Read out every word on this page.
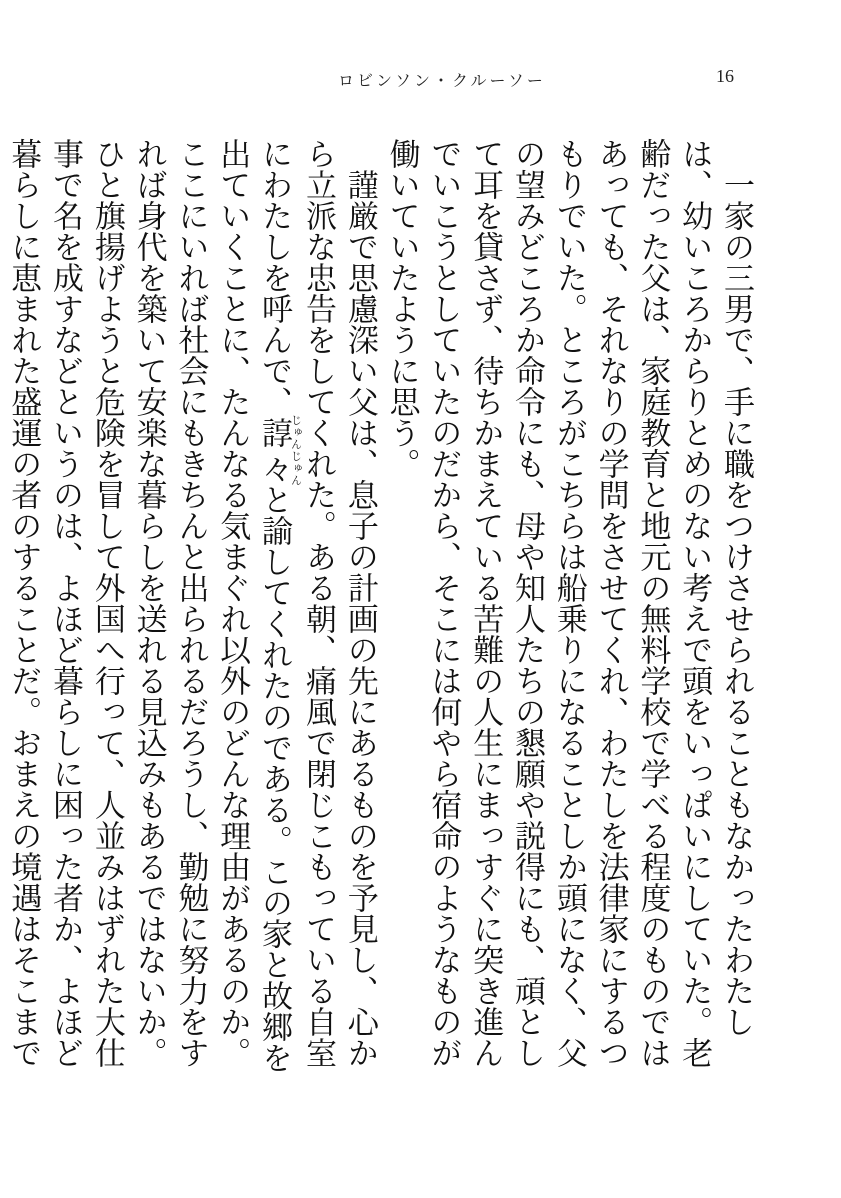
ロビンソン・クルーソー	16

一家の三男で、手に職をつけさせられることもなかったわたしは、幼いころからりとめのない考えで頭をいっぱいにしていた。老齢だった父は、家庭教育と地元の無料学校で学べる程度のものではあっても、それなりの学問をさせてくれ、わたしを法律家にするつもりでいた。ところがこちらは船乗りになることしか頭になく、父の望みどころか命令にも、母や知人たちの懇願や説得にも、頑として耳を貸さず、待ちかまえている苦難の人生にまっすぐに突き進んでいこうとしていたのだから、そこには何やら宿命のようなものが働いていたように思う。

謹厳で思慮深い父は、息子の計画の先にあるものを予見し、心から立派な忠告をしてくれた。ある朝、痛風で閉じこもっている自室にわたしを呼んで、諄々じゅんじゅんと諭してくれたのである。この家と故郷を出ていくことに、たんなる気まぐれ以外のどんな理由があるのか。ここにいれば社会にもきちんと出られるだろうし、勤勉に努力をすれば身代を築いて安楽な暮らしを送れる見込みもあるではないか。ひと旗揚げようと危険を冒して外国へ行って、人並みはずれた大仕事で名を成すなどというのは、よほど暮らしに困った者か、よほど暮らしに恵まれた盛運の者のすることだ。おまえの境遇はそこまで
